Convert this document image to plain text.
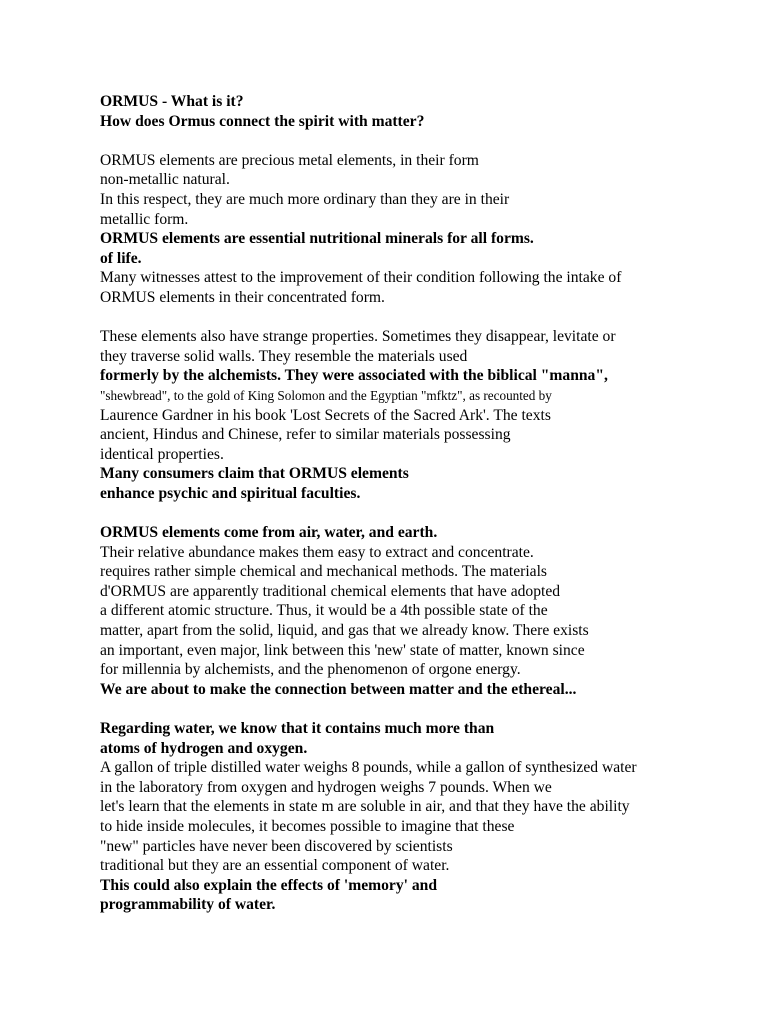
ORMUS - What is it?
How does Ormus connect the spirit with matter?
ORMUS elements are precious metal elements, in their form
non-metallic natural.
In this respect, they are much more ordinary than they are in their
metallic form.
ORMUS elements are essential nutritional minerals for all forms.
of life.
Many witnesses attest to the improvement of their condition following the intake of
ORMUS elements in their concentrated form.
These elements also have strange properties. Sometimes they disappear, levitate or
they traverse solid walls. They resemble the materials used
formerly by the alchemists. They were associated with the biblical "manna",
"shewbread", to the gold of King Solomon and the Egyptian "mfktz", as recounted by
Laurence Gardner in his book 'Lost Secrets of the Sacred Ark'. The texts
ancient, Hindus and Chinese, refer to similar materials possessing
identical properties.
Many consumers claim that ORMUS elements
enhance psychic and spiritual faculties.
ORMUS elements come from air, water, and earth.
Their relative abundance makes them easy to extract and concentrate.
requires rather simple chemical and mechanical methods. The materials
d'ORMUS are apparently traditional chemical elements that have adopted
a different atomic structure. Thus, it would be a 4th possible state of the
matter, apart from the solid, liquid, and gas that we already know. There exists
an important, even major, link between this 'new' state of matter, known since
for millennia by alchemists, and the phenomenon of orgone energy.
We are about to make the connection between matter and the ethereal...
Regarding water, we know that it contains much more than
atoms of hydrogen and oxygen.
A gallon of triple distilled water weighs 8 pounds, while a gallon of synthesized water
in the laboratory from oxygen and hydrogen weighs 7 pounds. When we
let's learn that the elements in state m are soluble in air, and that they have the ability
to hide inside molecules, it becomes possible to imagine that these
"new" particles have never been discovered by scientists
traditional but they are an essential component of water.
This could also explain the effects of 'memory' and
programmability of water.
